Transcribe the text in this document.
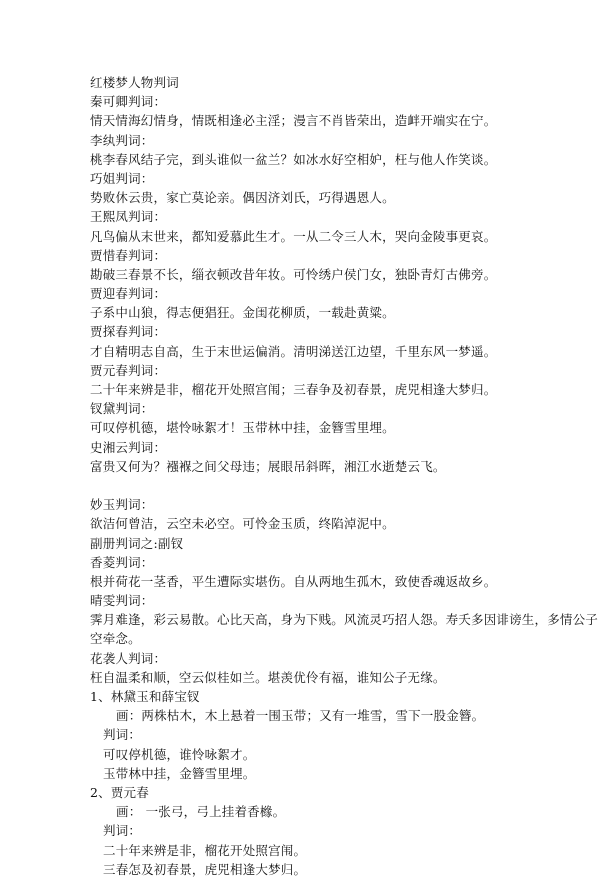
红楼梦人物判词
秦可卿判词：
情天情海幻情身，情既相逢必主淫；漫言不肖皆荣出，造衅开端实在宁。
李纨判词：
桃李春风结子完，到头谁似一盆兰？如冰水好空相妒，枉与他人作笑谈。
巧姐判词：
势败休云贵，家亡莫论亲。偶因济刘氏，巧得遇恩人。
王熙凤判词：
凡鸟偏从末世来，都知爱慕此生才。一从二令三人木，哭向金陵事更哀。
贾惜春判词：
勘破三春景不长，缁衣顿改昔年妆。可怜绣户侯门女，独卧青灯古佛旁。
贾迎春判词：
子系中山狼，得志便猖狂。金闺花柳质，一载赴黄粱。
贾探春判词：
才自精明志自高，生于末世运偏消。清明涕送江边望，千里东风一梦遥。
贾元春判词：
二十年来辨是非，榴花开处照宫闱；三春争及初春景，虎兕相逢大梦归。
钗黛判词：
可叹停机德，堪怜咏絮才！玉带林中挂，金簪雪里埋。
史湘云判词：
富贵又何为？襁褓之间父母违；展眼吊斜晖，湘江水逝楚云飞。
妙玉判词：
欲洁何曾洁，云空未必空。可怜金玉质，终陷淖泥中。
副册判词之:副钗
香菱判词：
根并荷花一茎香，平生遭际实堪伤。自从两地生孤木，致使香魂返故乡。
晴雯判词：
霁月难逢，彩云易散。心比天高，身为下贱。风流灵巧招人怨。寿夭多因诽谤生，多情公子
空牵念。
花袭人判词：
枉自温柔和顺，空云似桂如兰。堪羡优伶有福，谁知公子无缘。
1、林黛玉和薛宝钗
画：两株枯木，木上悬着一围玉带；又有一堆雪，雪下一股金簪。
判词：
可叹停机德，谁怜咏絮才。
玉带林中挂，金簪雪里埋。
2、贾元春
画： 一张弓，弓上挂着香橼。
判词：
二十年来辨是非，榴花开处照宫闱。
三春怎及初春景，虎兕相逢大梦归。
